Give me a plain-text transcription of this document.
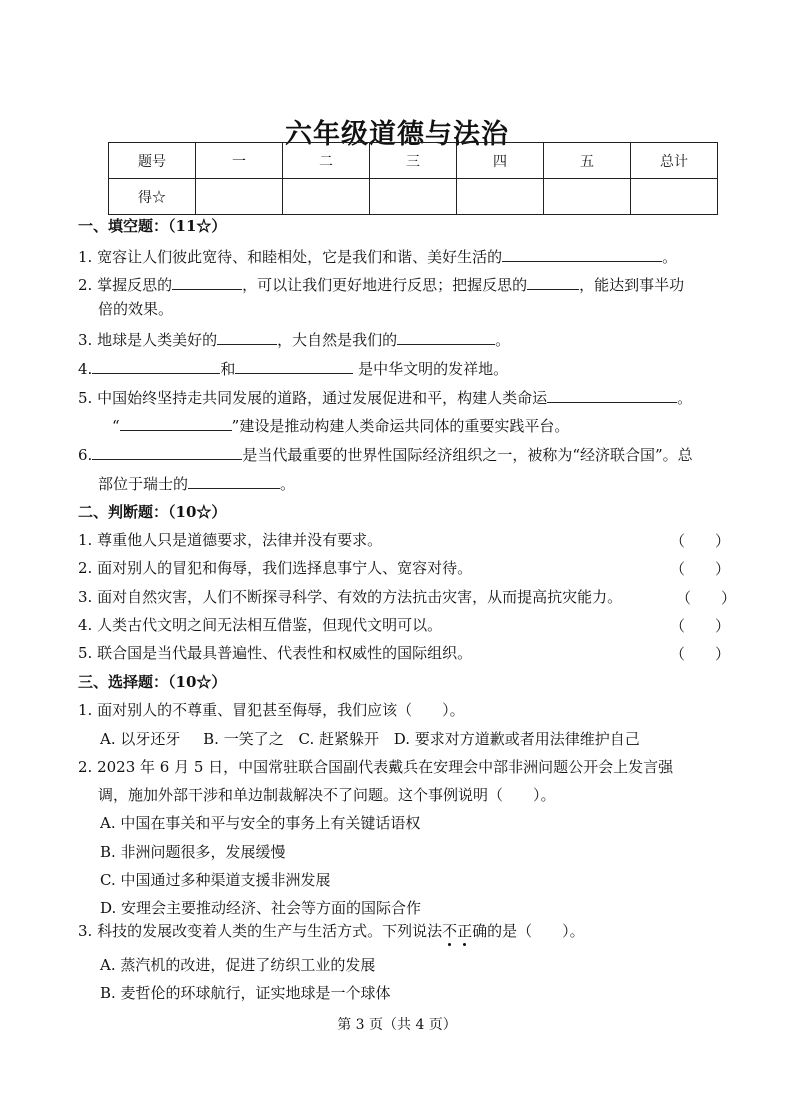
六年级道德与法治
题号	一	二	三	四	五	总计
得☆						
一、填空题：（11☆）
1. 宽容让人们彼此宽待、和睦相处，它是我们和谐、美好生活的	。
2. 掌握反思的	，可以让我们更好地进行反思；把握反思的	，能达到事半功
倍的效果。
3. 地球是人类美好的	，大自然是我们的	。
4.	和	是中华文明的发祥地。
5. 中国始终坚持走共同发展的道路，通过发展促进和平，构建人类命运	。
“	”建设是推动构建人类命运共同体的重要实践平台。
6.	是当代最重要的世界性国际经济组织之一，被称为“经济联合国”。总
部位于瑞士的	。
二、判断题：（10☆）
1. 尊重他人只是道德要求，法律并没有要求。	（　　）
2. 面对别人的冒犯和侮辱，我们选择息事宁人、宽容对待。	（　　）
3. 面对自然灾害，人们不断探寻科学、有效的方法抗击灾害，从而提高抗灾能力。	（　　）
4. 人类古代文明之间无法相互借鉴，但现代文明可以。	（　　）
5. 联合国是当代最具普遍性、代表性和权威性的国际组织。	（　　）
三、选择题：（10☆）
1. 面对别人的不尊重、冒犯甚至侮辱，我们应该（　　）。
A. 以牙还牙 B. 一笑了之 C. 赶紧躲开 D. 要求对方道歉或者用法律维护自己
2. 2023 年 6 月 5 日，中国常驻联合国副代表戴兵在安理会中部非洲问题公开会上发言强
调，施加外部干涉和单边制裁解决不了问题。这个事例说明（　　）。
A. 中国在事关和平与安全的事务上有关键话语权
B. 非洲问题很多，发展缓慢
C. 中国通过多种渠道支援非洲发展
D. 安理会主要推动经济、社会等方面的国际合作
3. 科技的发展改变着人类的生产与生活方式。下列说法不正确的是（　　）。
A. 蒸汽机的改进，促进了纺织工业的发展
B. 麦哲伦的环球航行，证实地球是一个球体
第 3 页（共 4 页）
